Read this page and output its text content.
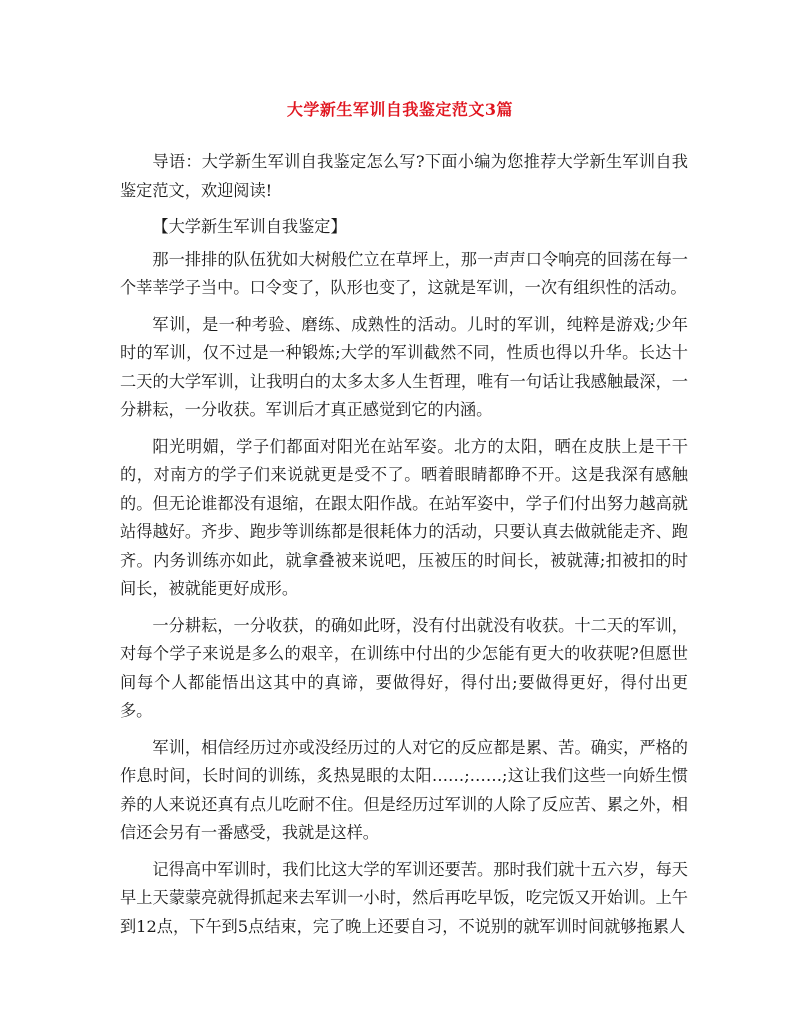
大学新生军训自我鉴定范文3篇

导语：大学新生军训自我鉴定怎么写?下面小编为您推荐大学新生军训自我鉴定范文，欢迎阅读!

【大学新生军训自我鉴定】

那一排排的队伍犹如大树般伫立在草坪上，那一声声口令响亮的回荡在每一个莘莘学子当中。口令变了，队形也变了，这就是军训，一次有组织性的活动。

军训，是一种考验、磨练、成熟性的活动。儿时的军训，纯粹是游戏;少年时的军训，仅不过是一种锻炼;大学的军训截然不同，性质也得以升华。长达十二天的大学军训，让我明白的太多太多人生哲理，唯有一句话让我感触最深，一分耕耘，一分收获。军训后才真正感觉到它的内涵。

阳光明媚，学子们都面对阳光在站军姿。北方的太阳，晒在皮肤上是干干的，对南方的学子们来说就更是受不了。晒着眼睛都睁不开。这是我深有感触的。但无论谁都没有退缩，在跟太阳作战。在站军姿中，学子们付出努力越高就站得越好。齐步、跑步等训练都是很耗体力的活动，只要认真去做就能走齐、跑齐。内务训练亦如此，就拿叠被来说吧，压被压的时间长，被就薄;扣被扣的时间长，被就能更好成形。

一分耕耘，一分收获，的确如此呀，没有付出就没有收获。十二天的军训，对每个学子来说是多么的艰辛，在训练中付出的少怎能有更大的收获呢?但愿世间每个人都能悟出这其中的真谛，要做得好，得付出;要做得更好，得付出更多。

军训，相信经历过亦或没经历过的人对它的反应都是累、苦。确实，严格的作息时间，长时间的训练，炙热晃眼的太阳……;……;这让我们这些一向娇生惯养的人来说还真有点儿吃耐不住。但是经历过军训的人除了反应苦、累之外，相信还会另有一番感受，我就是这样。

记得高中军训时，我们比这大学的军训还要苦。那时我们就十五六岁，每天早上天蒙蒙亮就得抓起来去军训一小时，然后再吃早饭，吃完饭又开始训。上午到12点，下午到5点结束，完了晚上还要自习，不说别的就军训时间就够拖累人
